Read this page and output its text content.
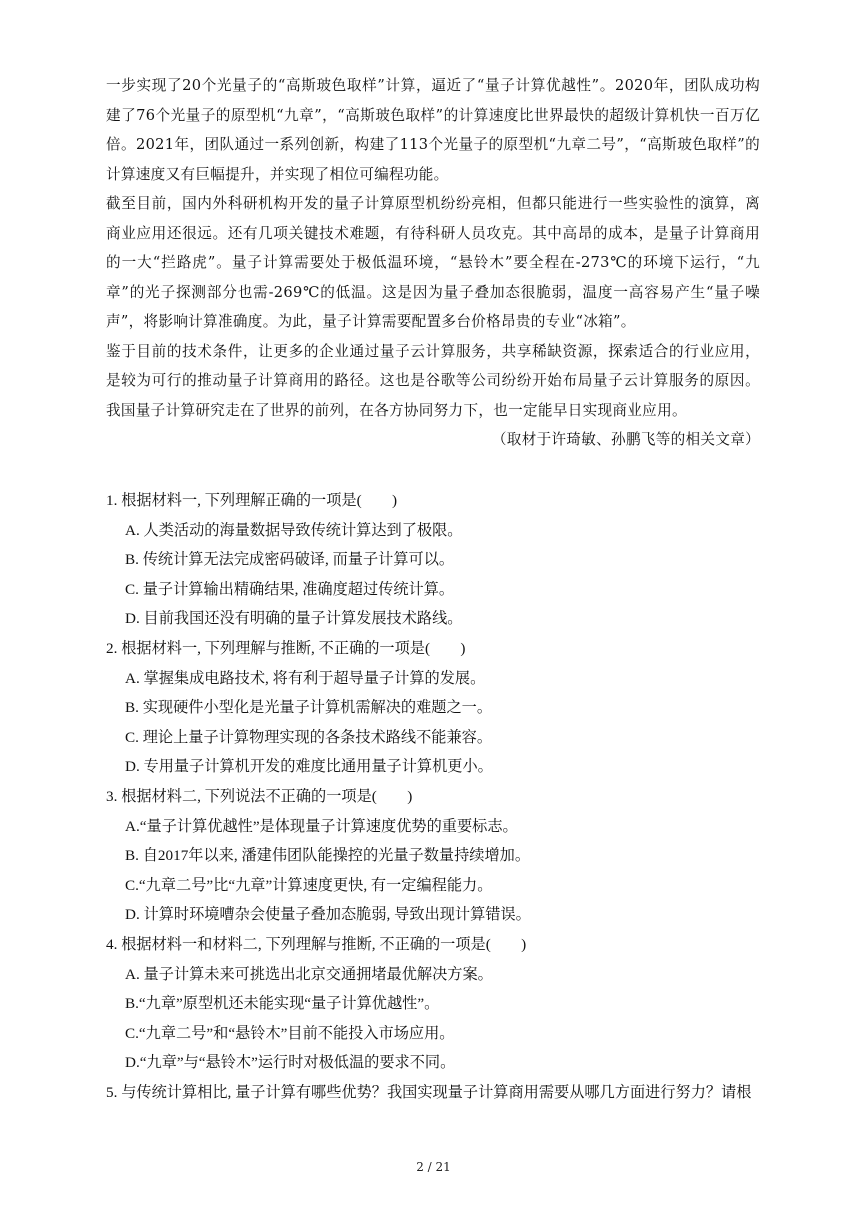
一步实现了20个光量子的“高斯玻色取样”计算，逼近了“量子计算优越性”。2020年，团队成功构建了76个光量子的原型机“九章”，“高斯玻色取样”的计算速度比世界最快的超级计算机快一百万亿倍。2021年，团队通过一系列创新，构建了113个光量子的原型机“九章二号”，“高斯玻色取样”的计算速度又有巨幅提升，并实现了相位可编程功能。

截至目前，国内外科研机构开发的量子计算原型机纷纷亮相，但都只能进行一些实验性的演算，离商业应用还很远。还有几项关键技术难题，有待科研人员攻克。其中高昂的成本，是量子计算商用的一大“拦路虎”。量子计算需要处于极低温环境，“悬铃木”要全程在-273℃的环境下运行，“九章”的光子探测部分也需-269℃的低温。这是因为量子叠加态很脆弱，温度一高容易产生“量子噪声”，将影响计算准确度。为此，量子计算需要配置多台价格昂贵的专业“冰箱”。

鉴于目前的技术条件，让更多的企业通过量子云计算服务，共享稀缺资源，探索适合的行业应用，是较为可行的推动量子计算商用的路径。这也是谷歌等公司纷纷开始布局量子云计算服务的原因。我国量子计算研究走在了世界的前列，在各方协同努力下，也一定能早日实现商业应用。

（取材于许琦敏、孙鹏飞等的相关文章）

1. 根据材料一, 下列理解正确的一项是(　　)

A. 人类活动的海量数据导致传统计算达到了极限。

B. 传统计算无法完成密码破译, 而量子计算可以。

C. 量子计算输出精确结果, 准确度超过传统计算。

D. 目前我国还没有明确的量子计算发展技术路线。

2. 根据材料一, 下列理解与推断, 不正确的一项是(　　)

A. 掌握集成电路技术, 将有利于超导量子计算的发展。

B. 实现硬件小型化是光量子计算机需解决的难题之一。

C. 理论上量子计算物理实现的各条技术路线不能兼容。

D. 专用量子计算机开发的难度比通用量子计算机更小。

3. 根据材料二, 下列说法不正确的一项是(　　)

A.“量子计算优越性”是体现量子计算速度优势的重要标志。

B. 自2017年以来, 潘建伟团队能操控的光量子数量持续增加。

C.“九章二号”比“九章”计算速度更快, 有一定编程能力。

D. 计算时环境嘈杂会使量子叠加态脆弱, 导致出现计算错误。

4. 根据材料一和材料二, 下列理解与推断, 不正确的一项是(　　)

A. 量子计算未来可挑选出北京交通拥堵最优解决方案。

B.“九章”原型机还未能实现“量子计算优越性”。

C.“九章二号”和“悬铃木”目前不能投入市场应用。

D.“九章”与“悬铃木”运行时对极低温的要求不同。

5. 与传统计算相比, 量子计算有哪些优势？我国实现量子计算商用需要从哪几方面进行努力？请根

2 / 21
